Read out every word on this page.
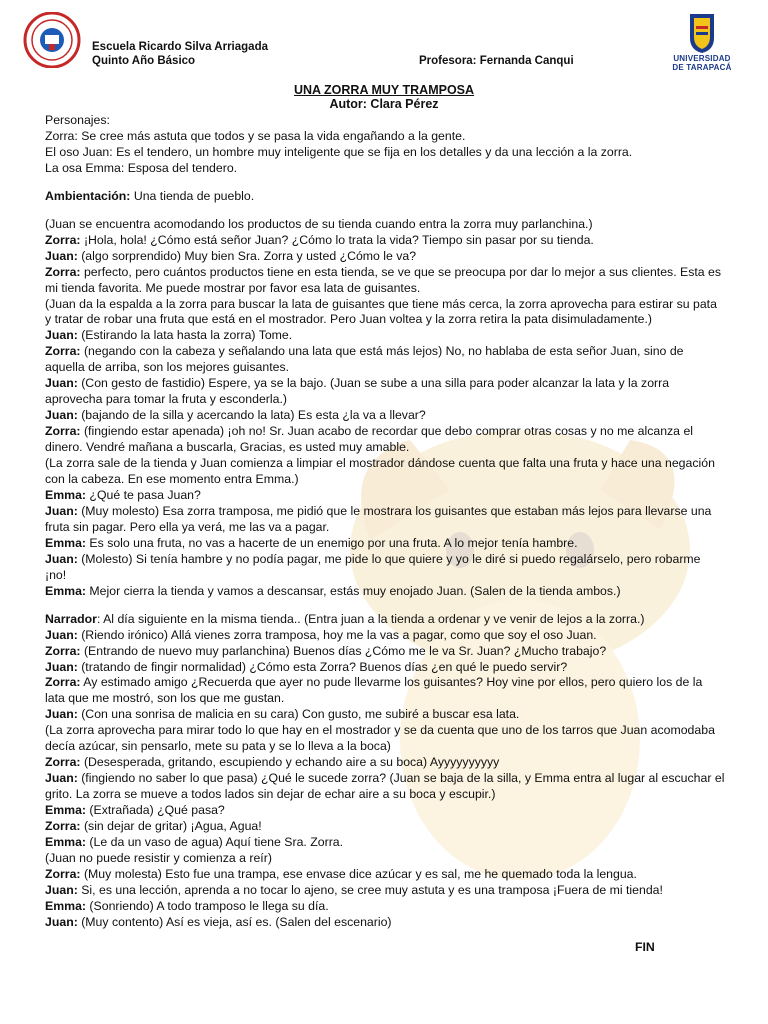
Escuela Ricardo Silva Arriagada
Quinto Año Básico	Profesora: Fernanda Canqui	UNIVERSIDAD
DE TARAPACÁ
UNA ZORRA MUY TRAMPOSA
Autor: Clara Pérez

Personajes:

Zorra: Se cree más astuta que todos y se pasa la vida engañando a la gente.

El oso Juan: Es el tendero, un hombre muy inteligente que se fija en los detalles y da una lección a la zorra.

La osa Emma: Esposa del tendero.

Ambientación: Una tienda de pueblo.

(Juan se encuentra acomodando los productos de su tienda cuando entra la zorra muy parlanchina.)

Zorra: ¡Hola, hola! ¿Cómo está señor Juan? ¿Cómo lo trata la vida? Tiempo sin pasar por su tienda.

Juan: (algo sorprendido) Muy bien Sra. Zorra y usted ¿Cómo le va?

Zorra: perfecto, pero cuántos productos tiene en esta tienda, se ve que se preocupa por dar lo mejor a sus clientes. Esta es mi tienda favorita. Me puede mostrar por favor esa lata de guisantes.

(Juan da la espalda a la zorra para buscar la lata de guisantes que tiene más cerca, la zorra aprovecha para estirar su pata y tratar de robar una fruta que está en el mostrador. Pero Juan voltea y la zorra retira la pata disimuladamente.)

Juan: (Estirando la lata hasta la zorra) Tome.

Zorra: (negando con la cabeza y señalando una lata que está más lejos) No, no hablaba de esta señor Juan, sino de aquella de arriba, son los mejores guisantes.

Juan: (Con gesto de fastidio) Espere, ya se la bajo. (Juan se sube a una silla para poder alcanzar la lata y la zorra aprovecha para tomar la fruta y esconderla.)

Juan: (bajando de la silla y acercando la lata) Es esta ¿la va a llevar?

Zorra: (fingiendo estar apenada) ¡oh no! Sr. Juan acabo de recordar que debo comprar otras cosas y no me alcanza el dinero. Vendré mañana a buscarla, Gracias, es usted muy amable.

(La zorra sale de la tienda y Juan comienza a limpiar el mostrador dándose cuenta que falta una fruta y hace una negación con la cabeza. En ese momento entra Emma.)

Emma: ¿Qué te pasa Juan?

Juan: (Muy molesto) Esa zorra tramposa, me pidió que le mostrara los guisantes que estaban más lejos para llevarse una fruta sin pagar. Pero ella ya verá, me las va a pagar.

Emma: Es solo una fruta, no vas a hacerte de un enemigo por una fruta. A lo mejor tenía hambre.

Juan: (Molesto) Si tenía hambre y no podía pagar, me pide lo que quiere y yo le diré si puedo regalárselo, pero robarme ¡no!

Emma: Mejor cierra la tienda y vamos a descansar, estás muy enojado Juan. (Salen de la tienda ambos.)

Narrador: Al día siguiente en la misma tienda.. (Entra juan a la tienda a ordenar y ve venir de lejos a la zorra.)

Juan: (Riendo irónico) Allá vienes zorra tramposa, hoy me la vas a pagar, como que soy el oso Juan.

Zorra: (Entrando de nuevo muy parlanchina) Buenos días ¿Cómo me le va Sr. Juan? ¿Mucho trabajo?

Juan: (tratando de fingir normalidad) ¿Cómo esta Zorra? Buenos días ¿en qué le puedo servir?

Zorra: Ay estimado amigo ¿Recuerda que ayer no pude llevarme los guisantes? Hoy vine por ellos, pero quiero los de la lata que me mostró, son los que me gustan.

Juan: (Con una sonrisa de malicia en su cara) Con gusto, me subiré a buscar esa lata.

(La zorra aprovecha para mirar todo lo que hay en el mostrador y se da cuenta que uno de los tarros que Juan acomodaba decía azúcar, sin pensarlo, mete su pata y se lo lleva a la boca)

Zorra: (Desesperada, gritando, escupiendo y echando aire a su boca) Ayyyyyyyyyy

Juan: (fingiendo no saber lo que pasa) ¿Qué le sucede zorra? (Juan se baja de la silla, y Emma entra al lugar al escuchar el grito. La zorra se mueve a todos lados sin dejar de echar aire a su boca y escupir.)

Emma: (Extrañada) ¿Qué pasa?

Zorra: (sin dejar de gritar) ¡Agua, Agua!

Emma: (Le da un vaso de agua) Aquí tiene Sra. Zorra.

(Juan no puede resistir y comienza a reír)

Zorra: (Muy molesta) Esto fue una trampa, ese envase dice azúcar y es sal, me he quemado toda la lengua.

Juan: Si, es una lección, aprenda a no tocar lo ajeno, se cree muy astuta y es una tramposa ¡Fuera de mi tienda!

Emma: (Sonriendo) A todo tramposo le llega su día.

Juan: (Muy contento) Así es vieja, así es. (Salen del escenario)

FIN
